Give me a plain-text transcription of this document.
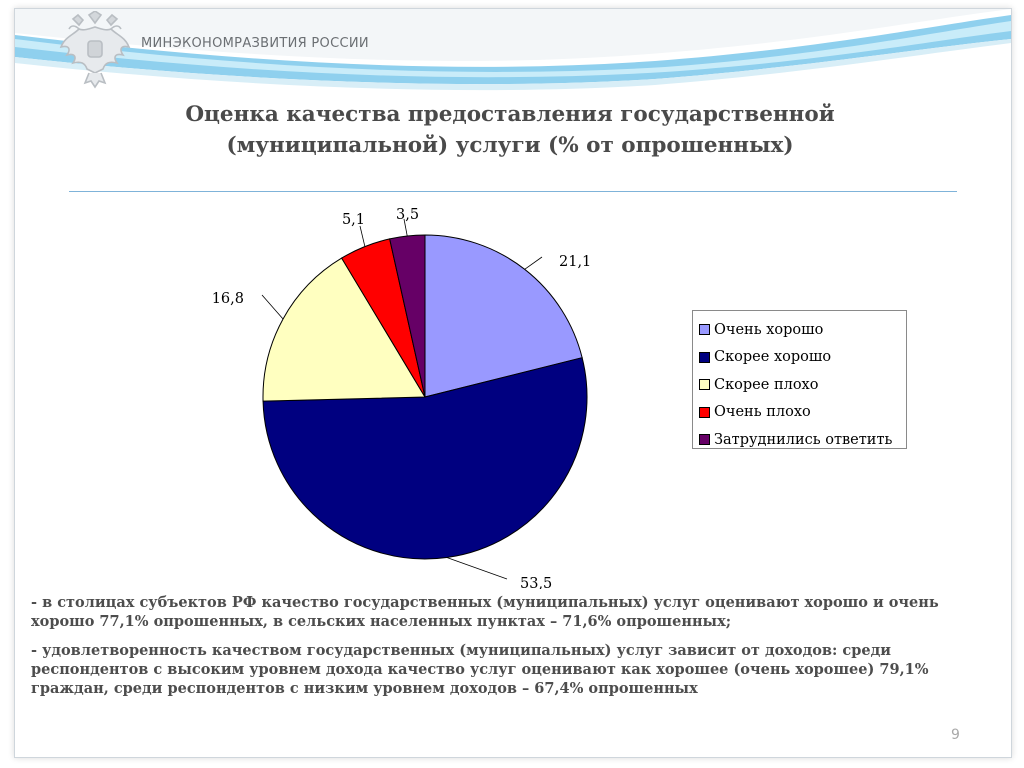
МИНЭКОНОМРАЗВИТИЯ РОССИИ
Оценка качества предоставления государственной (муниципальной) услуги (% от опрошенных)
21,1
53,5
16,8
5,1 3,5
Очень хорошо
Скорее хорошо
Скорее плохо
Очень плохо
Затруднились ответить

- в столицах субъектов РФ качество государственных (муниципальных) услуг оценивают хорошо и очень хорошо 77,1% опрошенных, в сельских населенных пунктах – 71,6% опрошенных;

- удовлетворенность качеством государственных (муниципальных) услуг зависит от доходов: среди респондентов с высоким уровнем дохода качество услуг оценивают как хорошее (очень хорошее) 79,1% граждан, среди респондентов с низким уровнем доходов – 67,4% опрошенных

9
